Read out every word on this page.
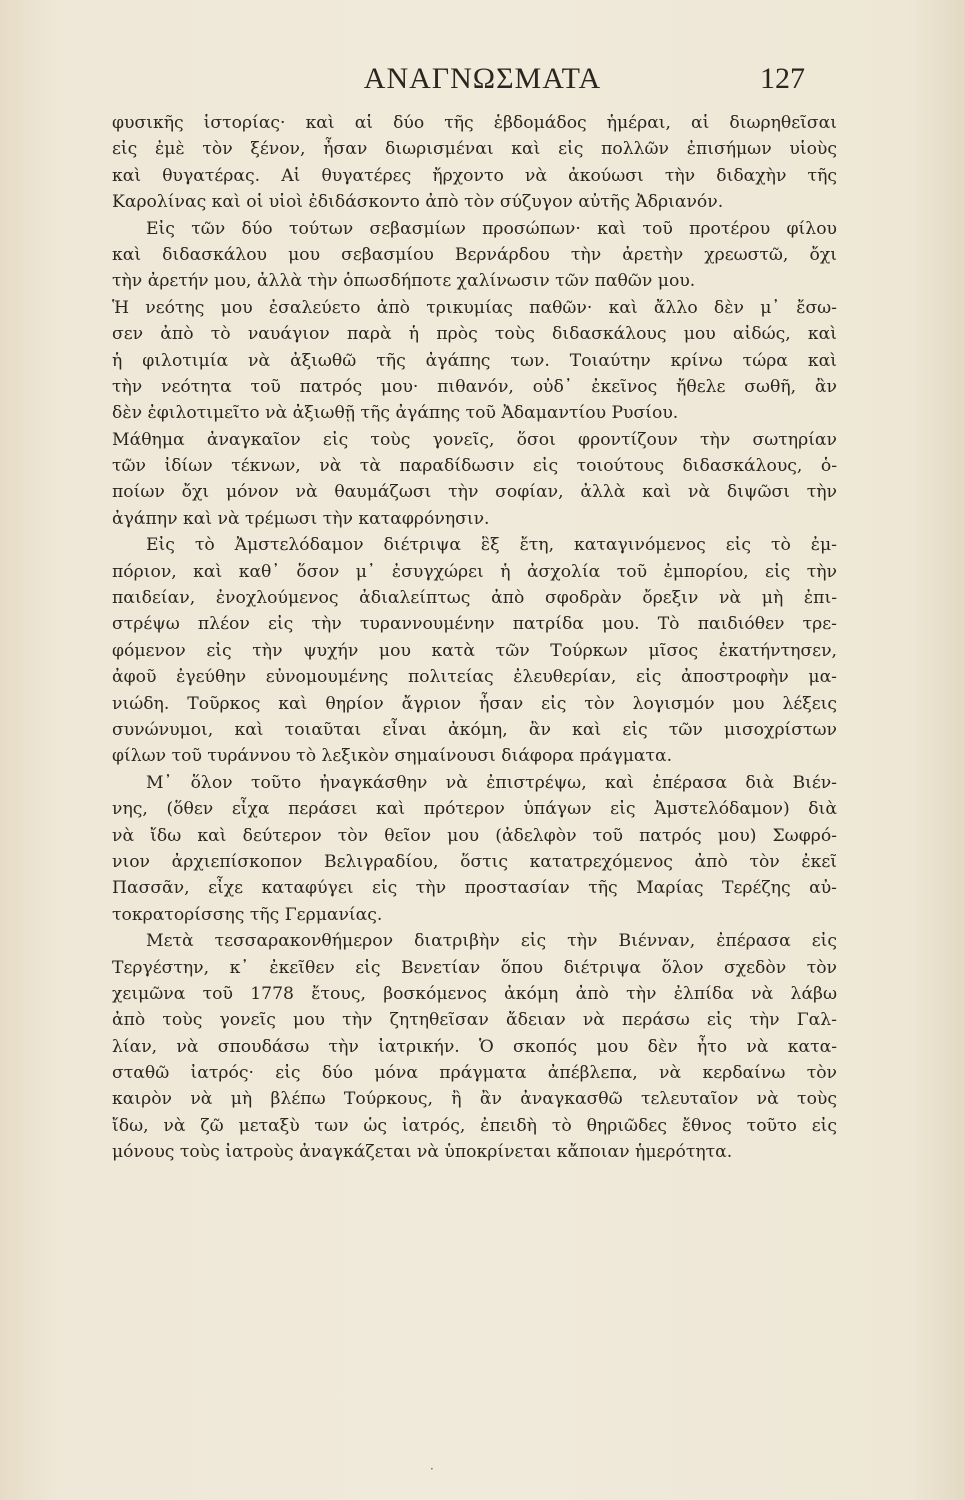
ΑΝΑΓΝΩΣΜΑΤΑ	127
φυσικῆς ἱστορίας· καὶ αἱ δύο τῆς ἑβδομάδος ἡμέραι, αἱ διωρηθεῖσαι
εἰς ἐμὲ τὸν ξένον, ἦσαν διωρισμέναι καὶ εἰς πολλῶν ἐπισήμων υἱοὺς
καὶ θυγατέρας. Αἱ θυγατέρες ἤρχοντο νὰ ἀκούωσι τὴν διδαχὴν τῆς
Καρολίνας καὶ οἱ υἱοὶ ἐδιδάσκοντο ἀπὸ τὸν σύζυγον αὐτῆς Ἀδριανόν.
Εἰς τῶν δύο τούτων σεβασμίων προσώπων· καὶ τοῦ προτέρου φίλου
καὶ διδασκάλου μου σεβασμίου Βερνάρδου τὴν ἀρετὴν χρεωστῶ, ὄχι
τὴν ἀρετήν μου, ἀλλὰ τὴν ὁπωσδήποτε χαλίνωσιν τῶν παθῶν μου.
Ἡ νεότης μου ἐσαλεύετο ἀπὸ τρικυμίας παθῶν· καὶ ἄλλο δὲν μ᾿ ἔσω-
σεν ἀπὸ τὸ ναυάγιον παρὰ ἡ πρὸς τοὺς διδασκάλους μου αἰδώς, καὶ
ἡ φιλοτιμία νὰ ἀξιωθῶ τῆς ἀγάπης των. Τοιαύτην κρίνω τώρα καὶ
τὴν νεότητα τοῦ πατρός μου· πιθανόν, οὐδ᾿ ἐκεῖνος ἤθελε σωθῆ, ἂν
δὲν ἐφιλοτιμεῖτο νὰ ἀξιωθῇ τῆς ἀγάπης τοῦ Ἀδαμαντίου Ρυσίου.
Μάθημα ἀναγκαῖον εἰς τοὺς γονεῖς, ὅσοι φροντίζουν τὴν σωτηρίαν
τῶν ἰδίων τέκνων, νὰ τὰ παραδίδωσιν εἰς τοιούτους διδασκάλους, ὁ-
ποίων ὄχι μόνον νὰ θαυμάζωσι τὴν σοφίαν, ἀλλὰ καὶ νὰ διψῶσι τὴν
ἀγάπην καὶ νὰ τρέμωσι τὴν καταφρόνησιν.
Εἰς τὸ Ἀμστελόδαμον διέτριψα ἓξ ἔτη, καταγινόμενος εἰς τὸ ἐμ-
πόριον, καὶ καθ᾿ ὅσον μ᾿ ἐσυγχώρει ἡ ἀσχολία τοῦ ἐμπορίου, εἰς τὴν
παιδείαν, ἐνοχλούμενος ἀδιαλείπτως ἀπὸ σφοδρὰν ὄρεξιν νὰ μὴ ἐπι-
στρέψω πλέον εἰς τὴν τυραννουμένην πατρίδα μου. Τὸ παιδιόθεν τρε-
φόμενον εἰς τὴν ψυχήν μου κατὰ τῶν Τούρκων μῖσος ἐκατήντησεν,
ἀφοῦ ἐγεύθην εὐνομουμένης πολιτείας ἐλευθερίαν, εἰς ἀποστροφὴν μα-
νιώδη. Τοῦρκος καὶ θηρίον ἄγριον ἦσαν εἰς τὸν λογισμόν μου λέξεις
συνώνυμοι, καὶ τοιαῦται εἶναι ἀκόμη, ἂν καὶ εἰς τῶν μισοχρίστων
φίλων τοῦ τυράννου τὸ λεξικὸν σημαίνουσι διάφορα πράγματα.
Μ᾿ ὅλον τοῦτο ἠναγκάσθην νὰ ἐπιστρέψω, καὶ ἐπέρασα διὰ Βιέν-
νης, (ὅθεν εἶχα περάσει καὶ πρότερον ὑπάγων εἰς Ἀμστελόδαμον) διὰ
νὰ ἴδω καὶ δεύτερον τὸν θεῖον μου (ἀδελφὸν τοῦ πατρός μου) Σωφρό-
νιον ἀρχιεπίσκοπον Βελιγραδίου, ὅστις κατατρεχόμενος ἀπὸ τὸν ἐκεῖ
Πασσᾶν, εἶχε καταφύγει εἰς τὴν προστασίαν τῆς Μαρίας Τερέζης αὐ-
τοκρατορίσσης τῆς Γερμανίας.
Μετὰ τεσσαρακονθήμερον διατριβὴν εἰς τὴν Βιένναν, ἐπέρασα εἰς
Τεργέστην, κ᾿ ἐκεῖθεν εἰς Βενετίαν ὅπου διέτριψα ὅλον σχεδὸν τὸν
χειμῶνα τοῦ 1778 ἔτους, βοσκόμενος ἀκόμη ἀπὸ τὴν ἐλπίδα νὰ λάβω
ἀπὸ τοὺς γονεῖς μου τὴν ζητηθεῖσαν ἄδειαν νὰ περάσω εἰς τὴν Γαλ-
λίαν, νὰ σπουδάσω τὴν ἰατρικήν. Ὁ σκοπός μου δὲν ἦτο νὰ κατα-
σταθῶ ἰατρός· εἰς δύο μόνα πράγματα ἀπέβλεπα, νὰ κερδαίνω τὸν
καιρὸν νὰ μὴ βλέπω Τούρκους, ἢ ἂν ἀναγκασθῶ τελευταῖον νὰ τοὺς
ἴδω, νὰ ζῶ μεταξὺ των ὡς ἰατρός, ἐπειδὴ τὸ θηριῶδες ἔθνος τοῦτο εἰς
μόνους τοὺς ἰατροὺς ἀναγκάζεται νὰ ὑποκρίνεται κἄποιαν ἡμερότητα.
·
